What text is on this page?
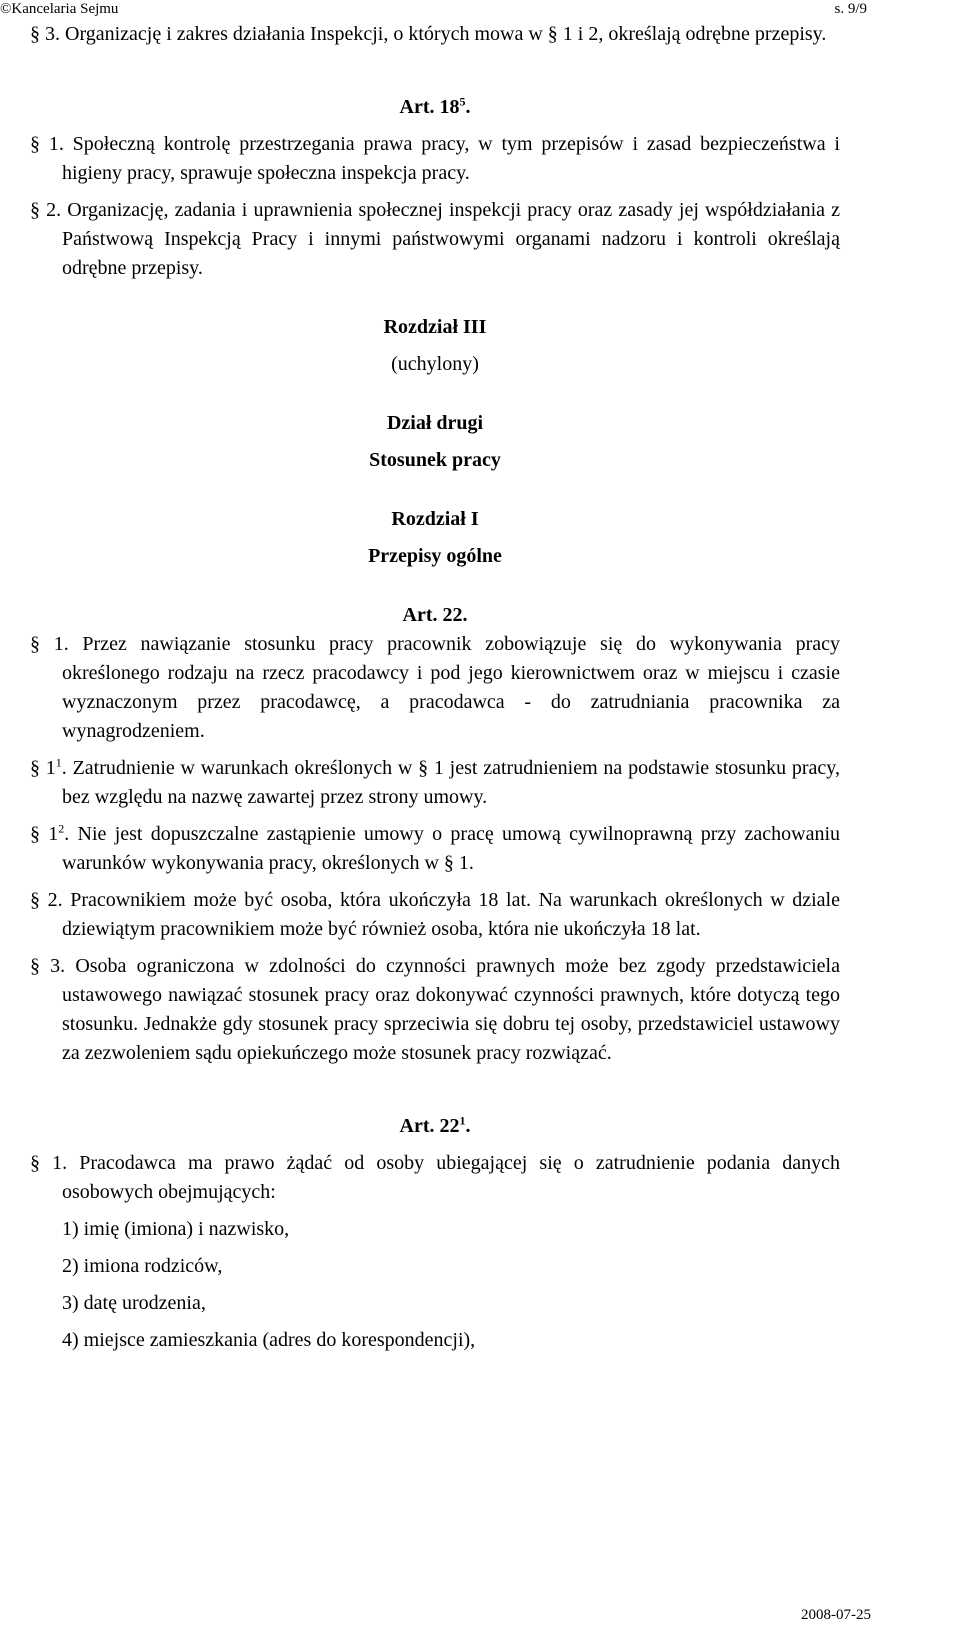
©Kancelaria Sejmu	s. 9/9

§ 3. Organizację i zakres działania Inspekcji, o których mowa w § 1 i 2, określają odrębne przepisy.

Art. $18^5$.

§ 1. Społeczną kontrolę przestrzegania prawa pracy, w tym przepisów i zasad bezpieczeństwa i higieny pracy, sprawuje społeczna inspekcja pracy.

§ 2. Organizację, zadania i uprawnienia społecznej inspekcji pracy oraz zasady jej współdziałania z Państwową Inspekcją Pracy i innymi państwowymi organami nadzoru i kontroli określają odrębne przepisy.

Rozdział III

(uchylony)

Dział drugi

Stosunek pracy

Rozdział I

Przepisy ogólne

Art. 22.

§ 1. Przez nawiązanie stosunku pracy pracownik zobowiązuje się do wykonywania pracy określonego rodzaju na rzecz pracodawcy i pod jego kierownictwem oraz w miejscu i czasie wyznaczonym przez pracodawcę, a pracodawca - do zatrudniania pracownika za wynagrodzeniem.

§ $1^1$. Zatrudnienie w warunkach określonych w § 1 jest zatrudnieniem na podstawie stosunku pracy, bez względu na nazwę zawartej przez strony umowy.

§ $1^2$. Nie jest dopuszczalne zastąpienie umowy o pracę umową cywilnoprawną przy zachowaniu warunków wykonywania pracy, określonych w § 1.

§ 2. Pracownikiem może być osoba, która ukończyła 18 lat. Na warunkach określonych w dziale dziewiątym pracownikiem może być również osoba, która nie ukończyła 18 lat.

§ 3. Osoba ograniczona w zdolności do czynności prawnych może bez zgody przedstawiciela ustawowego nawiązać stosunek pracy oraz dokonywać czynności prawnych, które dotyczą tego stosunku. Jednakże gdy stosunek pracy sprzeciwia się dobru tej osoby, przedstawiciel ustawowy za zezwoleniem sądu opiekuńczego może stosunek pracy rozwiązać.

Art. $22^1$.

§ 1. Pracodawca ma prawo żądać od osoby ubiegającej się o zatrudnienie podania danych osobowych obejmujących:

1) imię (imiona) i nazwisko,

2) imiona rodziców,

3) datę urodzenia,

4) miejsce zamieszkania (adres do korespondencji),

2008-07-25
